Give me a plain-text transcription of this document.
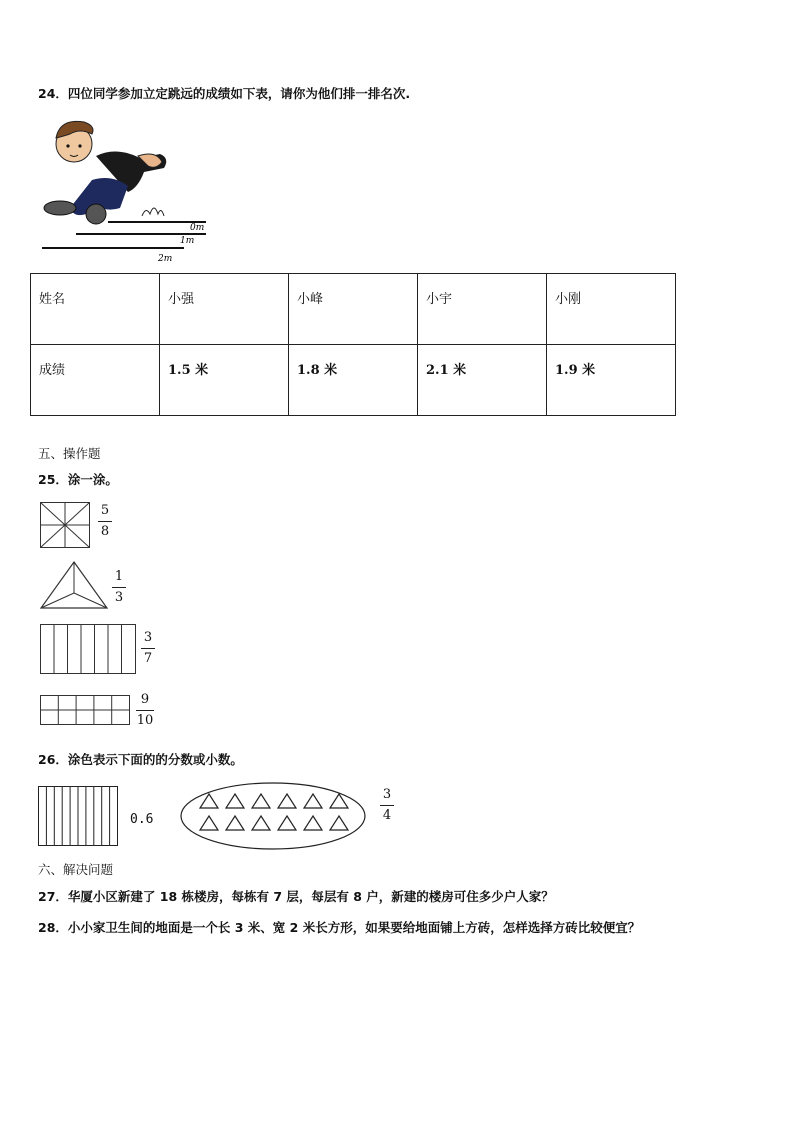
24．四位同学参加立定跳远的成绩如下表，请你为他们排一排名次.
0m
1m
2m
姓名	小强	小峰	小宇	小刚
成绩	1.5 米	1.8 米	2.1 米	1.9 米
五、操作题
25．涂一涂。
5
8
1
3
3
7
9
10
26．涂色表示下面的的分数或小数。
0.6
3
4
六、解决问题
27．华厦小区新建了 18 栋楼房，每栋有 7 层，每层有 8 户，新建的楼房可住多少户人家？
28．小小家卫生间的地面是一个长 3 米、宽 2 米长方形，如果要给地面铺上方砖，怎样选择方砖比较便宜？
